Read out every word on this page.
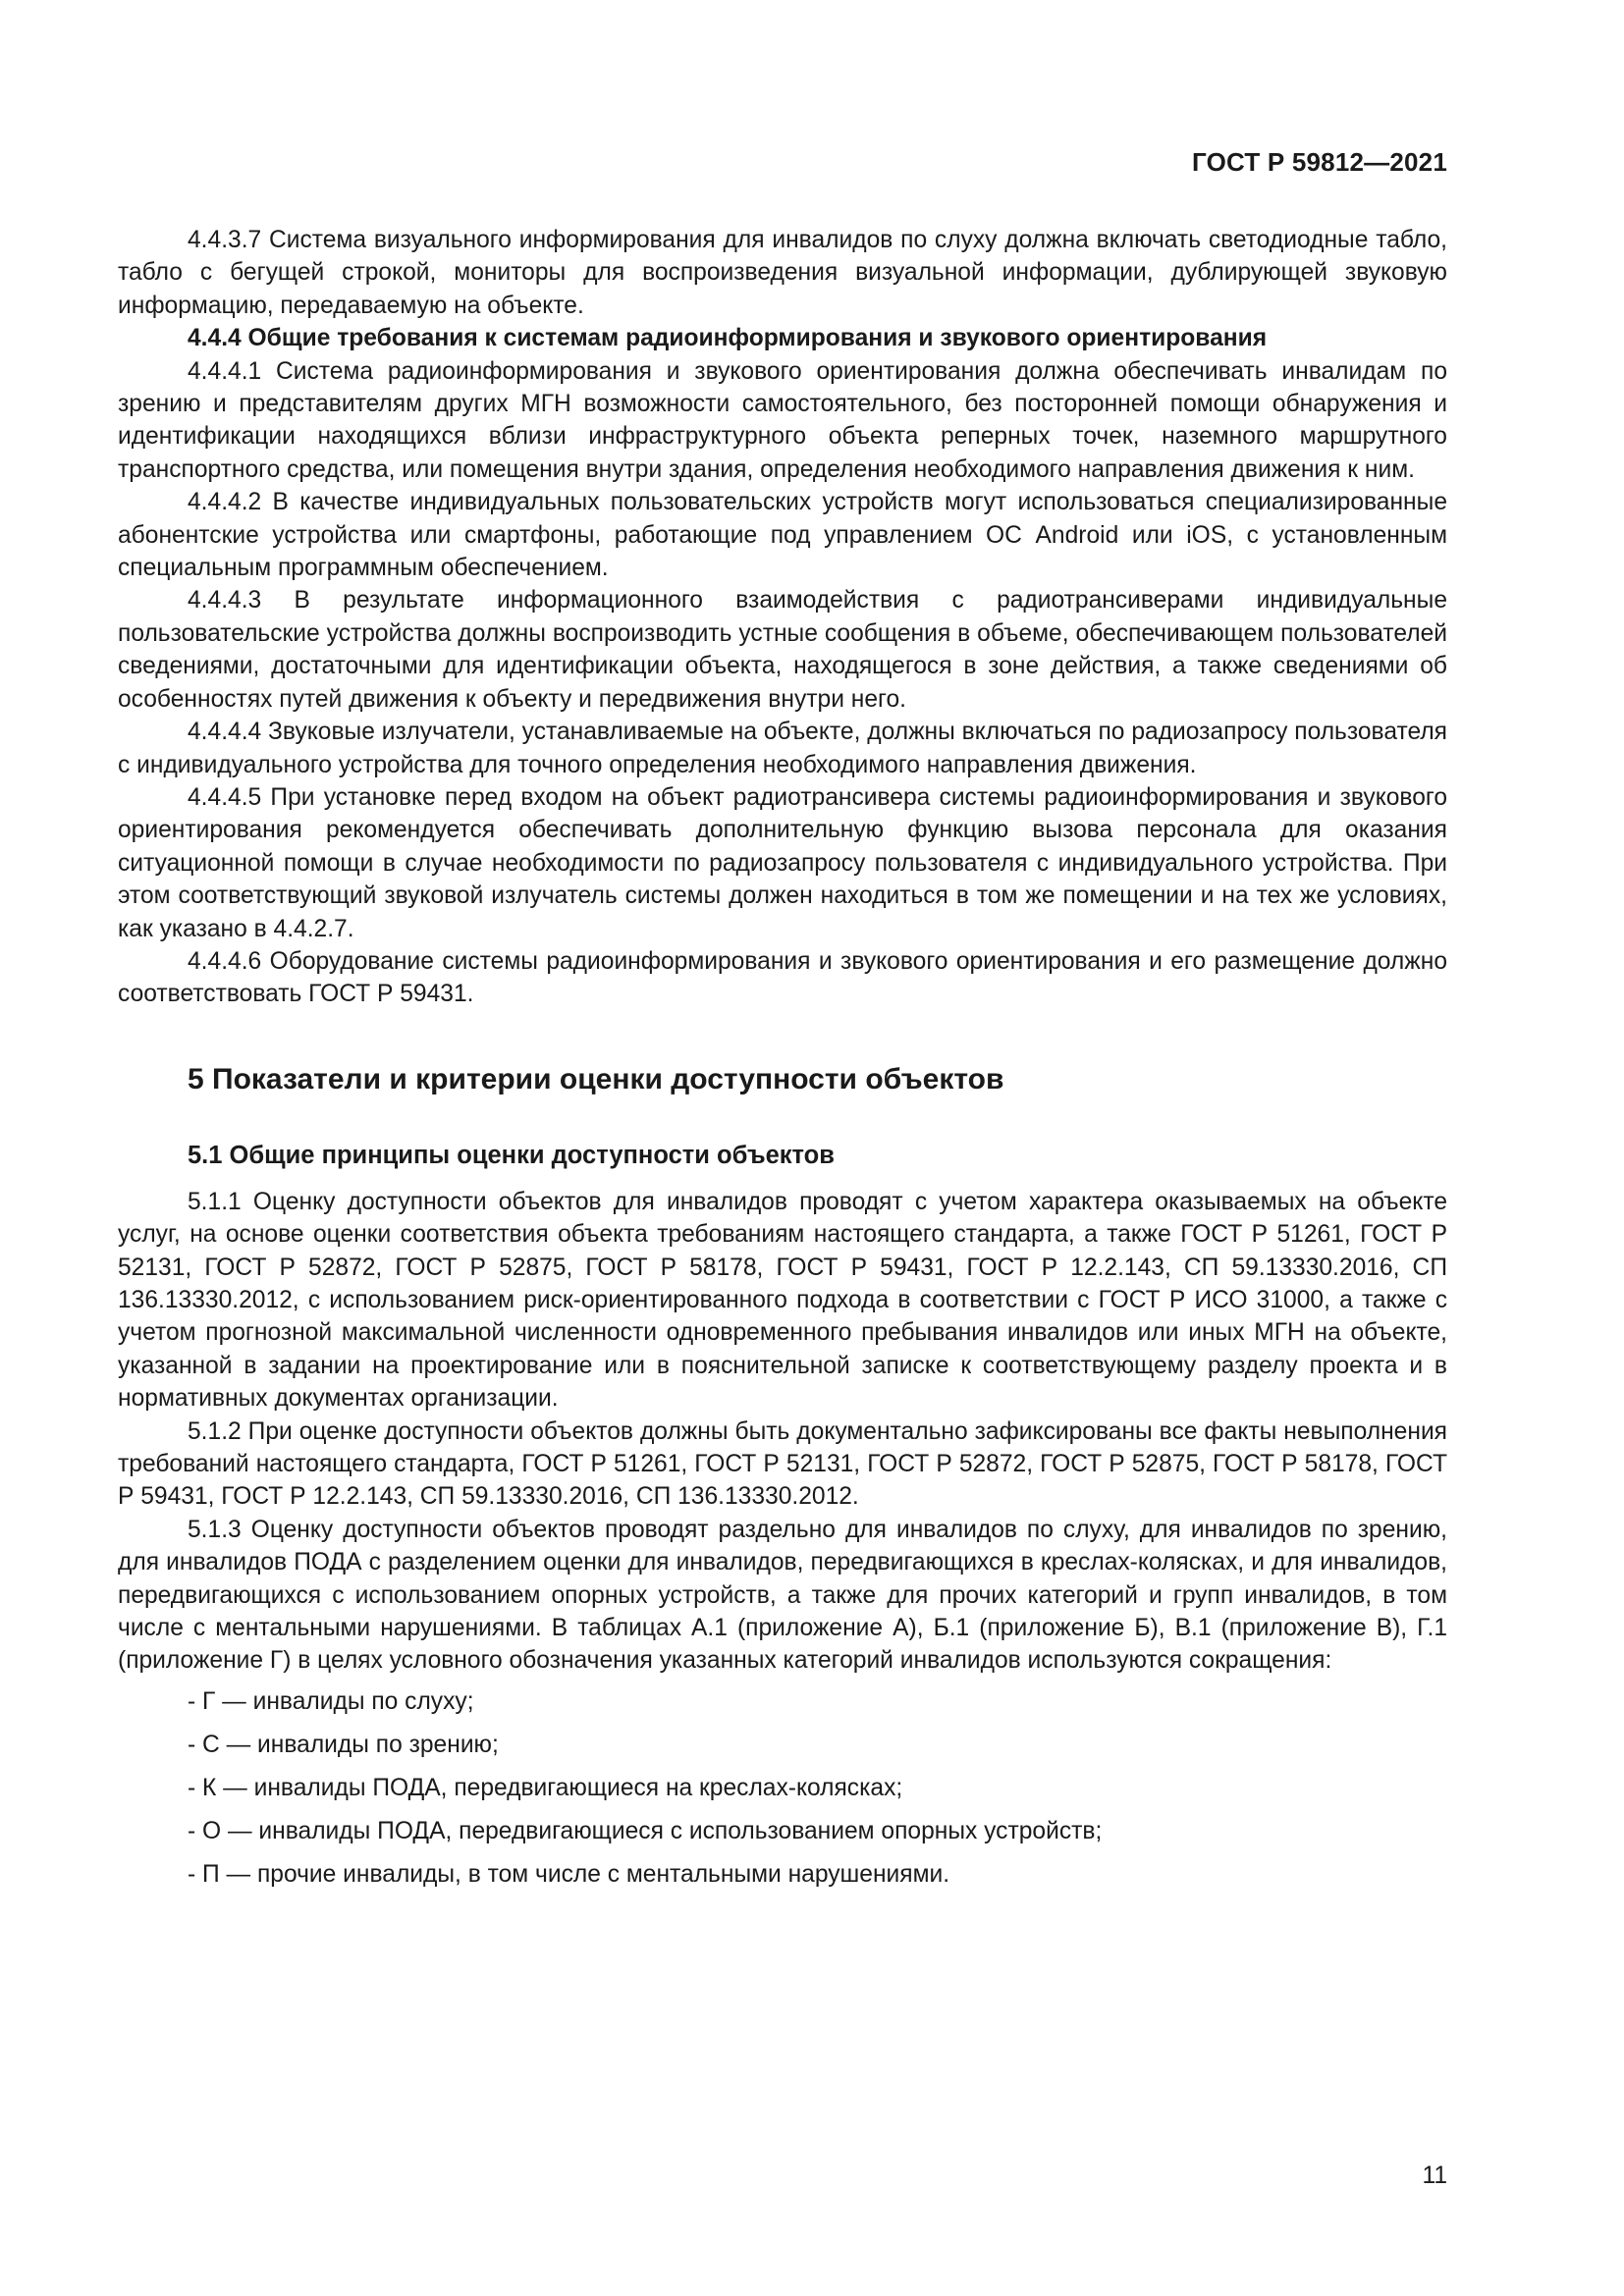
ГОСТ Р 59812—2021

4.4.3.7 Система визуального информирования для инвалидов по слуху должна включать светодиодные табло, табло с бегущей строкой, мониторы для воспроизведения визуальной информации, дублирующей звуковую информацию, передаваемую на объекте.

4.4.4 Общие требования к системам радиоинформирования и звукового ориентирования

4.4.4.1 Система радиоинформирования и звукового ориентирования должна обеспечивать инвалидам по зрению и представителям других МГН возможности самостоятельного, без посторонней помощи обнаружения и идентификации находящихся вблизи инфраструктурного объекта реперных точек, наземного маршрутного транспортного средства, или помещения внутри здания, определения необходимого направления движения к ним.

4.4.4.2 В качестве индивидуальных пользовательских устройств могут использоваться специализированные абонентские устройства или смартфоны, работающие под управлением ОС Android или iOS, с установленным специальным программным обеспечением.

4.4.4.3 В результате информационного взаимодействия с радиотрансиверами индивидуальные пользовательские устройства должны воспроизводить устные сообщения в объеме, обеспечивающем пользователей сведениями, достаточными для идентификации объекта, находящегося в зоне действия, а также сведениями об особенностях путей движения к объекту и передвижения внутри него.

4.4.4.4 Звуковые излучатели, устанавливаемые на объекте, должны включаться по радиозапросу пользователя с индивидуального устройства для точного определения необходимого направления движения.

4.4.4.5 При установке перед входом на объект радиотрансивера системы радиоинформирования и звукового ориентирования рекомендуется обеспечивать дополнительную функцию вызова персонала для оказания ситуационной помощи в случае необходимости по радиозапросу пользователя с индивидуального устройства. При этом соответствующий звуковой излучатель системы должен находиться в том же помещении и на тех же условиях, как указано в 4.4.2.7.

4.4.4.6 Оборудование системы радиоинформирования и звукового ориентирования и его размещение должно соответствовать ГОСТ Р 59431.

5 Показатели и критерии оценки доступности объектов
5.1 Общие принципы оценки доступности объектов

5.1.1 Оценку доступности объектов для инвалидов проводят с учетом характера оказываемых на объекте услуг, на основе оценки соответствия объекта требованиям настоящего стандарта, а также ГОСТ Р 51261, ГОСТ Р 52131, ГОСТ Р 52872, ГОСТ Р 52875, ГОСТ Р 58178, ГОСТ Р 59431, ГОСТ Р 12.2.143, СП 59.13330.2016, СП 136.13330.2012, с использованием риск-ориентированного подхода в соответствии с ГОСТ Р ИСО 31000, а также с учетом прогнозной максимальной численности одновременного пребывания инвалидов или иных МГН на объекте, указанной в задании на проектирование или в пояснительной записке к соответствующему разделу проекта и в нормативных документах организации.

5.1.2 При оценке доступности объектов должны быть документально зафиксированы все факты невыполнения требований настоящего стандарта, ГОСТ Р 51261, ГОСТ Р 52131, ГОСТ Р 52872, ГОСТ Р 52875, ГОСТ Р 58178, ГОСТ Р 59431, ГОСТ Р 12.2.143, СП 59.13330.2016, СП 136.13330.2012.

5.1.3 Оценку доступности объектов проводят раздельно для инвалидов по слуху, для инвалидов по зрению, для инвалидов ПОДА с разделением оценки для инвалидов, передвигающихся в креслах-колясках, и для инвалидов, передвигающихся с использованием опорных устройств, а также для прочих категорий и групп инвалидов, в том числе с ментальными нарушениями. В таблицах А.1 (приложение А), Б.1 (приложение Б), В.1 (приложение В), Г.1 (приложение Г) в целях условного обозначения указанных категорий инвалидов используются сокращения:

- Г — инвалиды по слуху;
- С — инвалиды по зрению;
- К — инвалиды ПОДА, передвигающиеся на креслах-колясках;
- О — инвалиды ПОДА, передвигающиеся с использованием опорных устройств;
- П — прочие инвалиды, в том числе с ментальными нарушениями.
11
